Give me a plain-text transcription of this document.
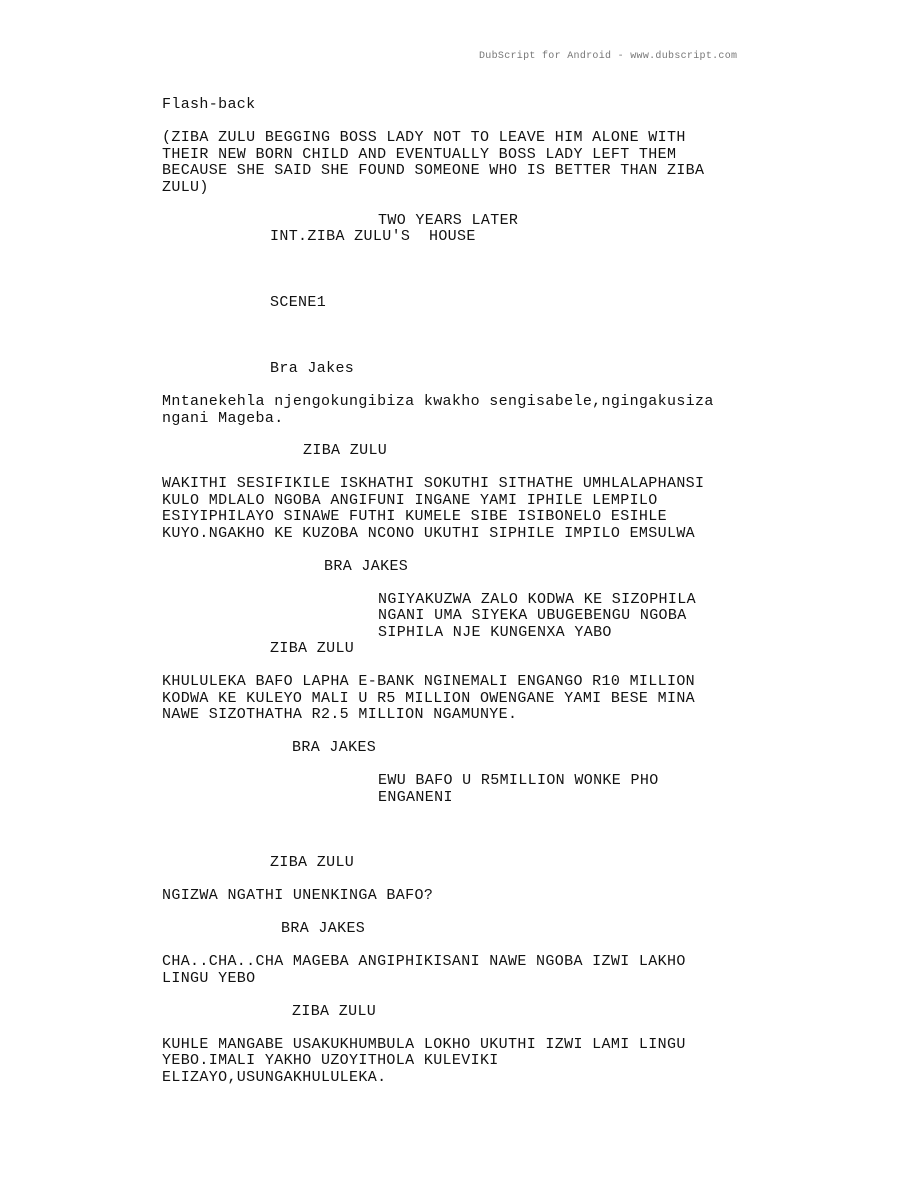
DubScript for Android - www.dubscript.com

Flash-back

(ZIBA ZULU BEGGING BOSS LADY NOT TO LEAVE HIM ALONE WITH

THEIR NEW BORN CHILD AND EVENTUALLY BOSS LADY LEFT THEM

BECAUSE SHE SAID SHE FOUND SOMEONE WHO IS BETTER THAN ZIBA

ZULU)

TWO YEARS LATER

INT.ZIBA ZULU'S  HOUSE

SCENE1

Bra Jakes

Mntanekehla njengokungibiza kwakho sengisabele,ngingakusiza

ngani Mageba.

ZIBA ZULU

WAKITHI SESIFIKILE ISKHATHI SOKUTHI SITHATHE UMHLALAPHANSI

KULO MDLALO NGOBA ANGIFUNI INGANE YAMI IPHILE LEMPILO

ESIYIPHILAYO SINAWE FUTHI KUMELE SIBE ISIBONELO ESIHLE

KUYO.NGAKHO KE KUZOBA NCONO UKUTHI SIPHILE IMPILO EMSULWA

BRA JAKES

NGIYAKUZWA ZALO KODWA KE SIZOPHILA

NGANI UMA SIYEKA UBUGEBENGU NGOBA

SIPHILA NJE KUNGENXA YABO

ZIBA ZULU

KHULULEKA BAFO LAPHA E-BANK NGINEMALI ENGANGO R10 MILLION

KODWA KE KULEYO MALI U R5 MILLION OWENGANE YAMI BESE MINA

NAWE SIZOTHATHA R2.5 MILLION NGAMUNYE.

BRA JAKES

EWU BAFO U R5MILLION WONKE PHO

ENGANENI

ZIBA ZULU

NGIZWA NGATHI UNENKINGA BAFO?

BRA JAKES

CHA..CHA..CHA MAGEBA ANGIPHIKISANI NAWE NGOBA IZWI LAKHO

LINGU YEBO

ZIBA ZULU

KUHLE MANGABE USAKUKHUMBULA LOKHO UKUTHI IZWI LAMI LINGU

YEBO.IMALI YAKHO UZOYITHOLA KULEVIKI

ELIZAYO,USUNGAKHULULEKA.
